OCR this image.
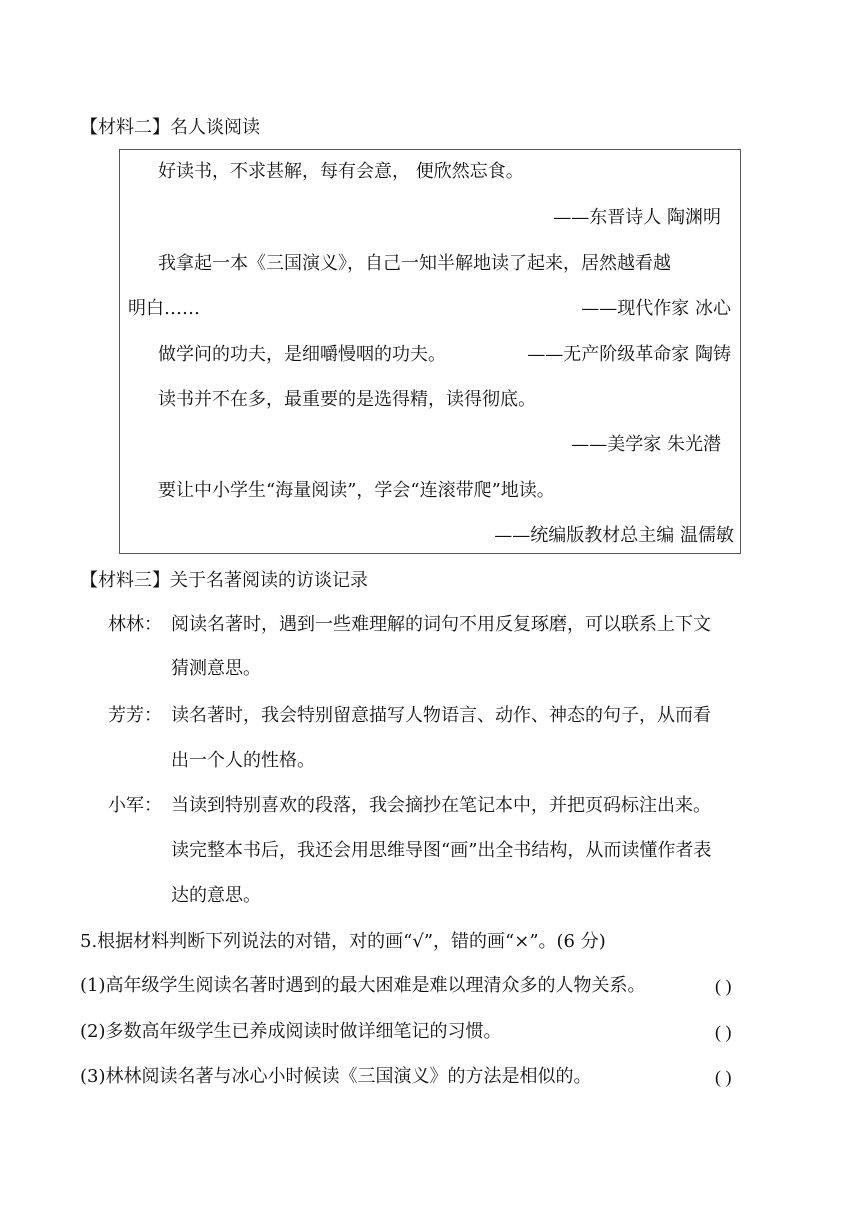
【材料二】名人谈阅读
好读书，不求甚解，每有会意， 便欣然忘食。
——东晋诗人 陶渊明
我拿起一本《三国演义》，自己一知半解地读了起来，居然越看越
明白……	——现代作家 冰心
做学问的功夫，是细嚼慢咽的功夫。	——无产阶级革命家 陶铸
读书并不在多，最重要的是选得精，读得彻底。
——美学家 朱光潜
要让中小学生“海量阅读”，学会“连滚带爬”地读。
——统编版教材总主编 温儒敏
【材料三】关于名著阅读的访谈记录
林林： 阅读名著时，遇到一些难理解的词句不用反复琢磨，可以联系上下文
猜测意思。
芳芳： 读名著时，我会特别留意描写人物语言、动作、神态的句子，从而看
出一个人的性格。
小军： 当读到特别喜欢的段落，我会摘抄在笔记本中，并把页码标注出来。
读完整本书后，我还会用思维导图“画”出全书结构，从而读懂作者表
达的意思。
5.根据材料判断下列说法的对错，对的画“√”，错的画“×”。(6 分)
(1)高年级学生阅读名著时遇到的最大困难是难以理清众多的人物关系。	( )
(2)多数高年级学生已养成阅读时做详细笔记的习惯。	( )
(3)林林阅读名著与冰心小时候读《三国演义》的方法是相似的。	( )
